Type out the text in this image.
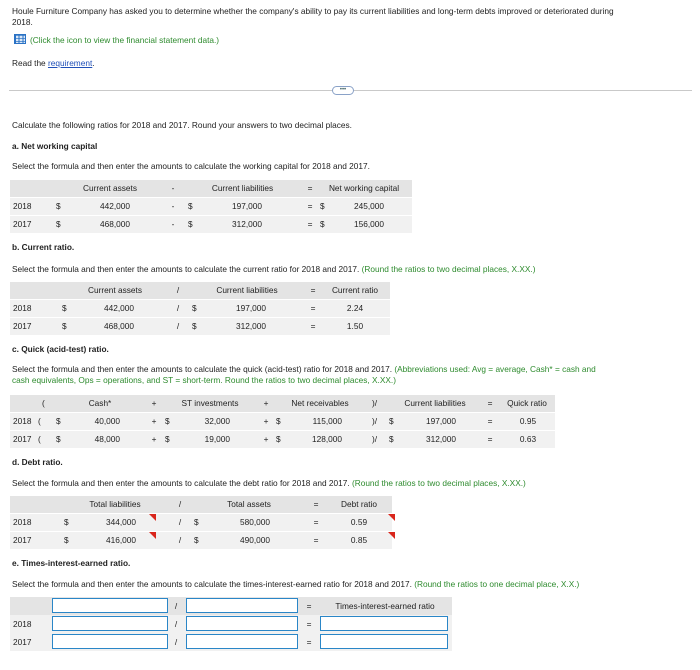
Houle Furniture Company has asked you to determine whether the company's ability to pay its current liabilities and long-term debts improved or deteriorated during
2018.
(Click the icon to view the financial statement data.)
Read the requirement.
•••
Calculate the following ratios for 2018 and 2017. Round your answers to two decimal places.
a. Net working capital
Select the formula and then enter the amounts to calculate the working capital for 2018 and 2017.
Current assets	-	Current liabilities	=	Net working capital
2018	$	442,000	- $	197,000	= $	245,000
2017	$	468,000	- $	312,000	= $	156,000
b. Current ratio.
Select the formula and then enter the amounts to calculate the current ratio for 2018 and 2017. (Round the ratios to two decimal places, X.XX.)
Current assets	/	Current liabilities	=	Current ratio
2018	$	442,000	/	$	197,000	=	2.24
2017	$	468,000	/	$	312,000	=	1.50
c. Quick (acid-test) ratio.
Select the formula and then enter the amounts to calculate the quick (acid-test) ratio for 2018 and 2017. (Abbreviations used: Avg = average, Cash* = cash and
cash equivalents, Ops = operations, and ST = short-term. Round the ratios to two decimal places, X.XX.)
(	Cash*	+	ST investments	+	Net receivables	)/	Current liabilities	=	Quick ratio
2018 ( $	40,000	+ $	32,000	+ $	115,000	)/ $	197,000	=	0.95
2017 ( $	48,000	+ $	19,000	+ $	128,000	)/ $	312,000	=	0.63
d. Debt ratio.
Select the formula and then enter the amounts to calculate the debt ratio for 2018 and 2017. (Round the ratios to two decimal places, X.XX.)
Total liabilities	/	Total assets	=	Debt ratio
2018	$	344,000	/	$	580,000	=	0.59
2017	$	416,000	/	$	490,000	=	0.85
e. Times-interest-earned ratio.
Select the formula and then enter the amounts to calculate the times-interest-earned ratio for 2018 and 2017. (Round the ratios to one decimal place, X.X.)
/	=	Times-interest-earned ratio
2018	/	=
2017	/	=
